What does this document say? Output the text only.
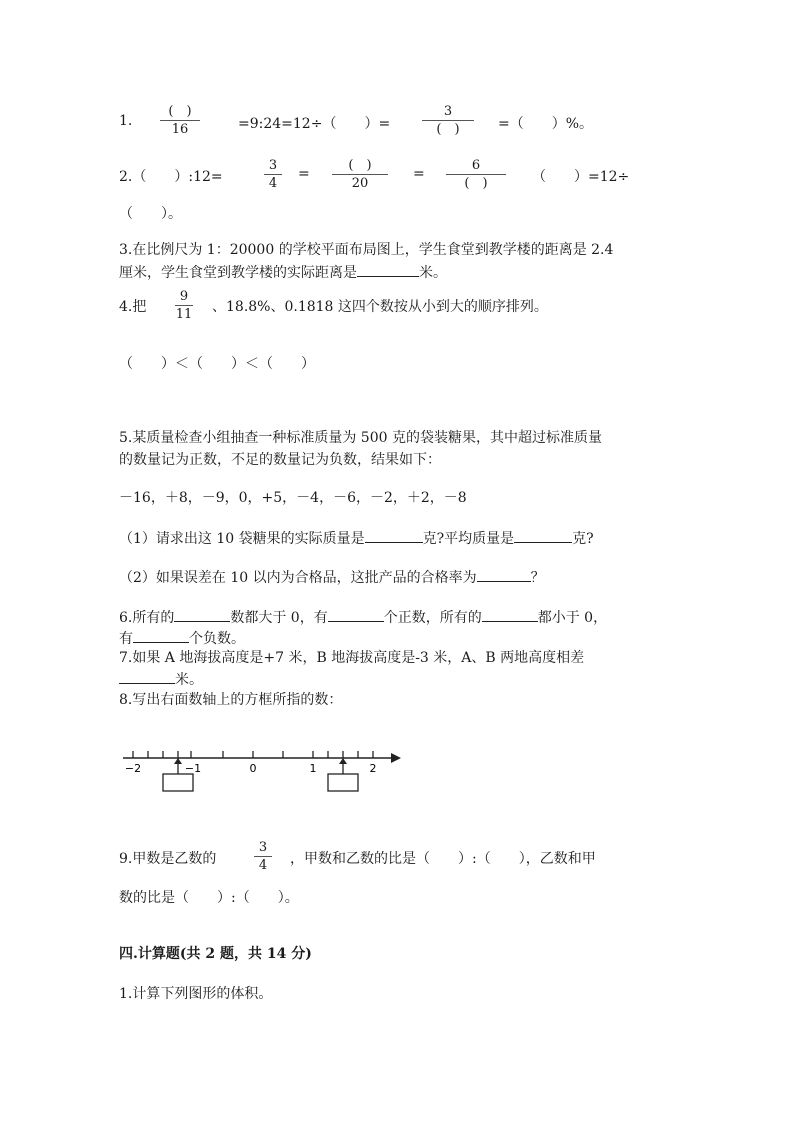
1.
(　)
16	=9:24=12÷（　　）=
3
(　)	=（　　）%。
2.（　　）:12=
3
4
=
(　)
20
=
6
(　)	（　　）=12÷
（　　）。
3.在比例尺为 1：20000 的学校平面布局图上，学生食堂到教学楼的距离是 2.4
厘米，学生食堂到教学楼的实际距离是	米。
4.把
9
11 、18.8%、0.1818 这四个数按从小到大的顺序排列。
（　　）＜（　　）＜（　　）
5.某质量检查小组抽查一种标准质量为 500 克的袋装糖果，其中超过标准质量
的数量记为正数，不足的数量记为负数，结果如下：
－16，＋8，－9，0，+5，－4，－6，－2，＋2，－8
（1）请求出这 10 袋糖果的实际质量是	克?平均质量是	克?
（2）如果误差在 10 以内为合格品，这批产品的合格率为	？
6.所有的	数都大于 0，有	个正数，所有的	都小于 0，
有	个负数。
7.如果 A 地海拔高度是+7 米，B 地海拔高度是-3 米，A、B 两地高度相差
米。
8.写出右面数轴上的方框所指的数：
−2	−1	0	1	2
9.甲数是乙数的
3
4 ，甲数和乙数的比是（　　）:（　　），乙数和甲
数的比是（　　）:（　　）。
四.计算题(共 2 题，共 14 分)
1.计算下列图形的体积。
